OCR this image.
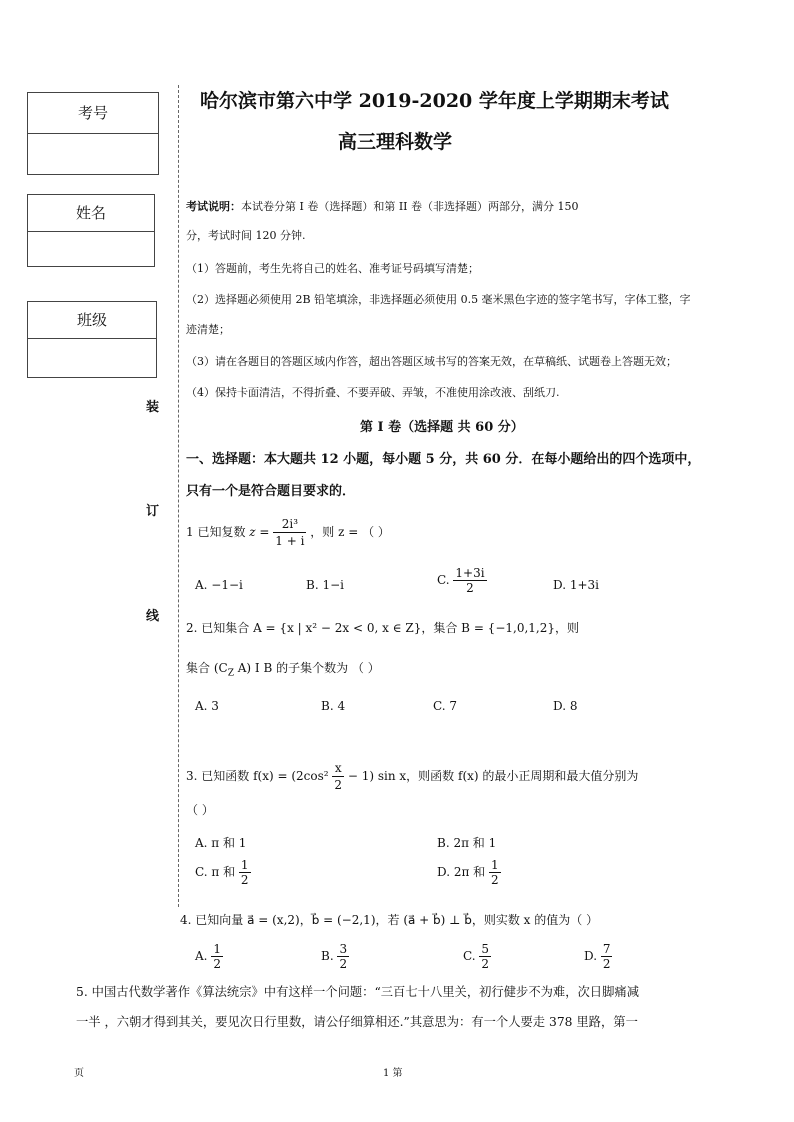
考号
姓名
班级
装
订
线
哈尔滨市第六中学 2019-2020 学年度上学期期末考试
高三理科数学
考试说明：本试卷分第 I 卷（选择题）和第 II 卷（非选择题）两部分，满分 150
分，考试时间 120 分钟.
（1）答题前，考生先将自己的姓名、准考证号码填写清楚；
（2）选择题必须使用 2B 铅笔填涂，非选择题必须使用 0.5 毫米黑色字迹的签字笔书写，字体工整，字
迹清楚；
（3）请在各题目的答题区域内作答，超出答题区域书写的答案无效，在草稿纸、试题卷上答题无效；
（4）保持卡面清洁，不得折叠、不要弄破、弄皱，不准使用涂改液、刮纸刀.
第 I 卷（选择题 共 60 分）
一、选择题：本大题共 12 小题，每小题 5 分，共 60 分．在每小题给出的四个选项中，
只有一个是符合题目要求的．
1 已知复数 $z = \frac{\text{2i³}}{1 + i}$ ，则 z = （ ）
A. −1−i	B. 1−i	C. $\frac{1+3i}{2}$	D. 1+3i
2. 已知集合 A = {x | x² − 2x < 0, x ∈ Z}，集合 B = {−1,0,1,2}，则
集合 ($C_Z$ A) I B 的子集个数为 （ ）
A. 3	B. 4	C. 7	D. 8
3. 已知函数 $f(x) = (2\cos^2 \frac{x}{2} - 1)$ sin x，则函数 f(x) 的最小正周期和最大值分别为
（ ）
A. π 和 1	B. 2π 和 1
C. π 和 $\frac{1}{2}$	D. 2π 和 $\frac{1}{2}$
4. 已知向量 a⃗ = (x,2)，b⃗ = (−2,1)，若 (a⃗ + b⃗) ⊥ b⃗，则实数 x 的值为（ ）
A. $\frac{1}{2}$	B. $\frac{3}{2}$	C. $\frac{5}{2}$	D. $\frac{7}{2}$
5. 中国古代数学著作《算法统宗》中有这样一个问题：“三百七十八里关，初行健步不为难，次日脚痛减
一半 ，六朝才得到其关，要见次日行里数，请公仔细算相还.”其意思为：有一个人要走 378 里路，第一
页	1 第
